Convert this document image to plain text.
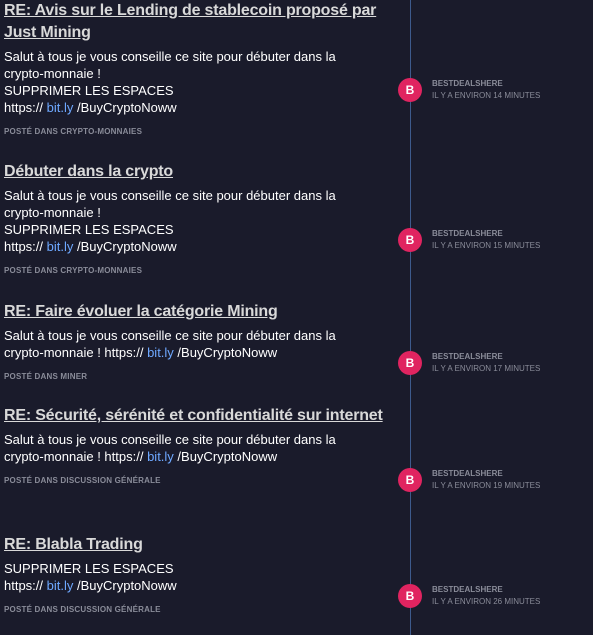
RE: Avis sur le Lending de stablecoin proposé par Just Mining
Salut à tous je vous conseille ce site pour débuter dans la
crypto-monnaie !
SUPPRIMER LES ESPACES
https:// bit.ly /BuyCryptoNoww
POSTÉ DANS CRYPTO-MONNAIES
B	BESTDEALSHERE
IL Y A ENVIRON 14 MINUTES
Débuter dans la crypto
Salut à tous je vous conseille ce site pour débuter dans la
crypto-monnaie !
SUPPRIMER LES ESPACES
https:// bit.ly /BuyCryptoNoww
POSTÉ DANS CRYPTO-MONNAIES
B	BESTDEALSHERE
IL Y A ENVIRON 15 MINUTES
RE: Faire évoluer la catégorie Mining
Salut à tous je vous conseille ce site pour débuter dans la
crypto-monnaie ! https:// bit.ly /BuyCryptoNoww
POSTÉ DANS MINER
B	BESTDEALSHERE
IL Y A ENVIRON 17 MINUTES
RE: Sécurité, sérénité et confidentialité sur internet
Salut à tous je vous conseille ce site pour débuter dans la
crypto-monnaie ! https:// bit.ly /BuyCryptoNoww
POSTÉ DANS DISCUSSION GÉNÉRALE	B	BESTDEALSHERE
IL Y A ENVIRON 19 MINUTES
RE: Blabla Trading
SUPPRIMER LES ESPACES
https:// bit.ly /BuyCryptoNoww
POSTÉ DANS DISCUSSION GÉNÉRALE
B	BESTDEALSHERE
IL Y A ENVIRON 26 MINUTES
